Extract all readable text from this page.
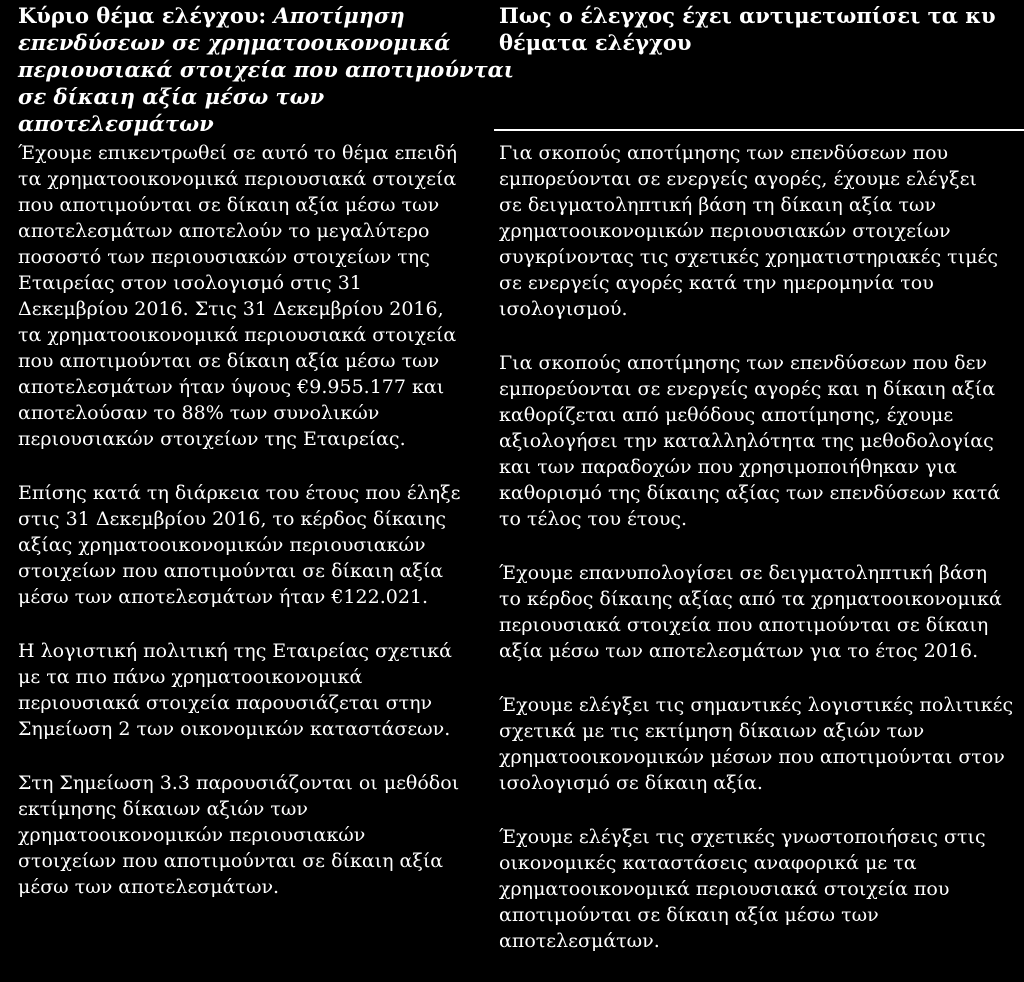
Κύριο θέμα ελέγχου: Αποτίμηση
επενδύσεων σε χρηματοοικονομικά
περιουσιακά στοιχεία που αποτιμούνται
σε δίκαιη αξία μέσω των
αποτελεσμάτων
Έχουμε επικεντρωθεί σε αυτό το θέμα επειδή
τα χρηματοοικονομικά περιουσιακά στοιχεία
που αποτιμούνται σε δίκαιη αξία μέσω των
αποτελεσμάτων αποτελούν το μεγαλύτερο
ποσοστό των περιουσιακών στοιχείων της
Εταιρείας στον ισολογισμό στις 31
Δεκεμβρίου 2016. Στις 31 Δεκεμβρίου 2016,
τα χρηματοοικονομικά περιουσιακά στοιχεία
που αποτιμούνται σε δίκαιη αξία μέσω των
αποτελεσμάτων ήταν ύψους €9.955.177 και
αποτελούσαν το 88% των συνολικών
περιουσιακών στοιχείων της Εταιρείας.
Επίσης κατά τη διάρκεια του έτους που έληξε
στις 31 Δεκεμβρίου 2016, το κέρδος δίκαιης
αξίας χρηματοοικονομικών περιουσιακών
στοιχείων που αποτιμούνται σε δίκαιη αξία
μέσω των αποτελεσμάτων ήταν €122.021.
Η λογιστική πολιτική της Εταιρείας σχετικά
με τα πιο πάνω χρηματοοικονομικά
περιουσιακά στοιχεία παρουσιάζεται στην
Σημείωση 2 των οικονομικών καταστάσεων.
Στη Σημείωση 3.3 παρουσιάζονται οι μεθόδοι
εκτίμησης δίκαιων αξιών των
χρηματοοικονομικών περιουσιακών
στοιχείων που αποτιμούνται σε δίκαιη αξία
μέσω των αποτελεσμάτων.
Πως ο έλεγχος έχει αντιμετωπίσει τα κυ
θέματα ελέγχου
Για σκοπούς αποτίμησης των επενδύσεων που
εμπορεύονται σε ενεργείς αγορές, έχουμε ελέγξει
σε δειγματοληπτική βάση τη δίκαιη αξία των
χρηματοοικονομικών περιουσιακών στοιχείων
συγκρίνοντας τις σχετικές χρηματιστηριακές τιμές
σε ενεργείς αγορές κατά την ημερομηνία του
ισολογισμού.
Για σκοπούς αποτίμησης των επενδύσεων που δεν
εμπορεύονται σε ενεργείς αγορές και η δίκαιη αξία
καθορίζεται από μεθόδους αποτίμησης, έχουμε
αξιολογήσει την καταλληλότητα της μεθοδολογίας
και των παραδοχών που χρησιμοποιήθηκαν για
καθορισμό της δίκαιης αξίας των επενδύσεων κατά
το τέλος του έτους.
Έχουμε επανυπολογίσει σε δειγματοληπτική βάση
το κέρδος δίκαιης αξίας από τα χρηματοοικονομικά
περιουσιακά στοιχεία που αποτιμούνται σε δίκαιη
αξία μέσω των αποτελεσμάτων για το έτος 2016.
Έχουμε ελέγξει τις σημαντικές λογιστικές πολιτικές
σχετικά με τις εκτίμηση δίκαιων αξιών των
χρηματοοικονομικών μέσων που αποτιμούνται στον
ισολογισμό σε δίκαιη αξία.
Έχουμε ελέγξει τις σχετικές γνωστοποιήσεις στις
οικονομικές καταστάσεις αναφορικά με τα
χρηματοοικονομικά περιουσιακά στοιχεία που
αποτιμούνται σε δίκαιη αξία μέσω των
αποτελεσμάτων.
